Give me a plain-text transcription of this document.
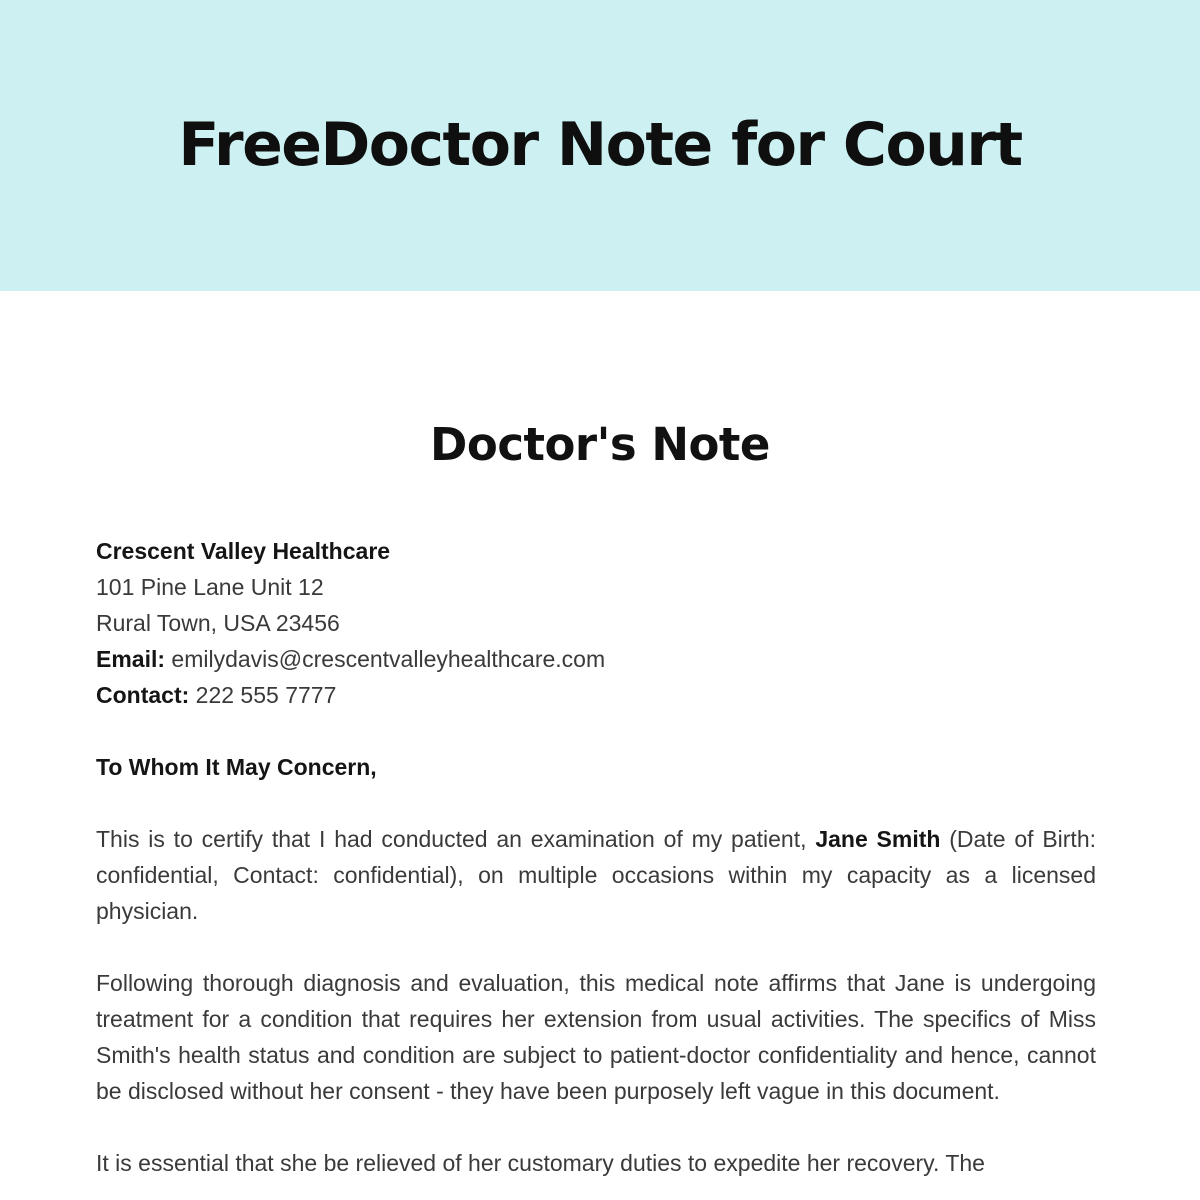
FreeDoctor Note for Court
Doctor's Note
Crescent Valley Healthcare
101 Pine Lane Unit 12
Rural Town, USA 23456
Email: emilydavis@crescentvalleyhealthcare.com
Contact: 222 555 7777
To Whom It May Concern,

This is to certify that I had conducted an examination of my patient, Jane Smith (Date of Birth: confidential, Contact: confidential), on multiple occasions within my capacity as a licensed physician.

Following thorough diagnosis and evaluation, this medical note affirms that Jane is undergoing treatment for a condition that requires her extension from usual activities. The specifics of Miss Smith's health status and condition are subject to patient-doctor confidentiality and hence, cannot be disclosed without her consent - they have been purposely left vague in this document.

It is essential that she be relieved of her customary duties to expedite her recovery. The
